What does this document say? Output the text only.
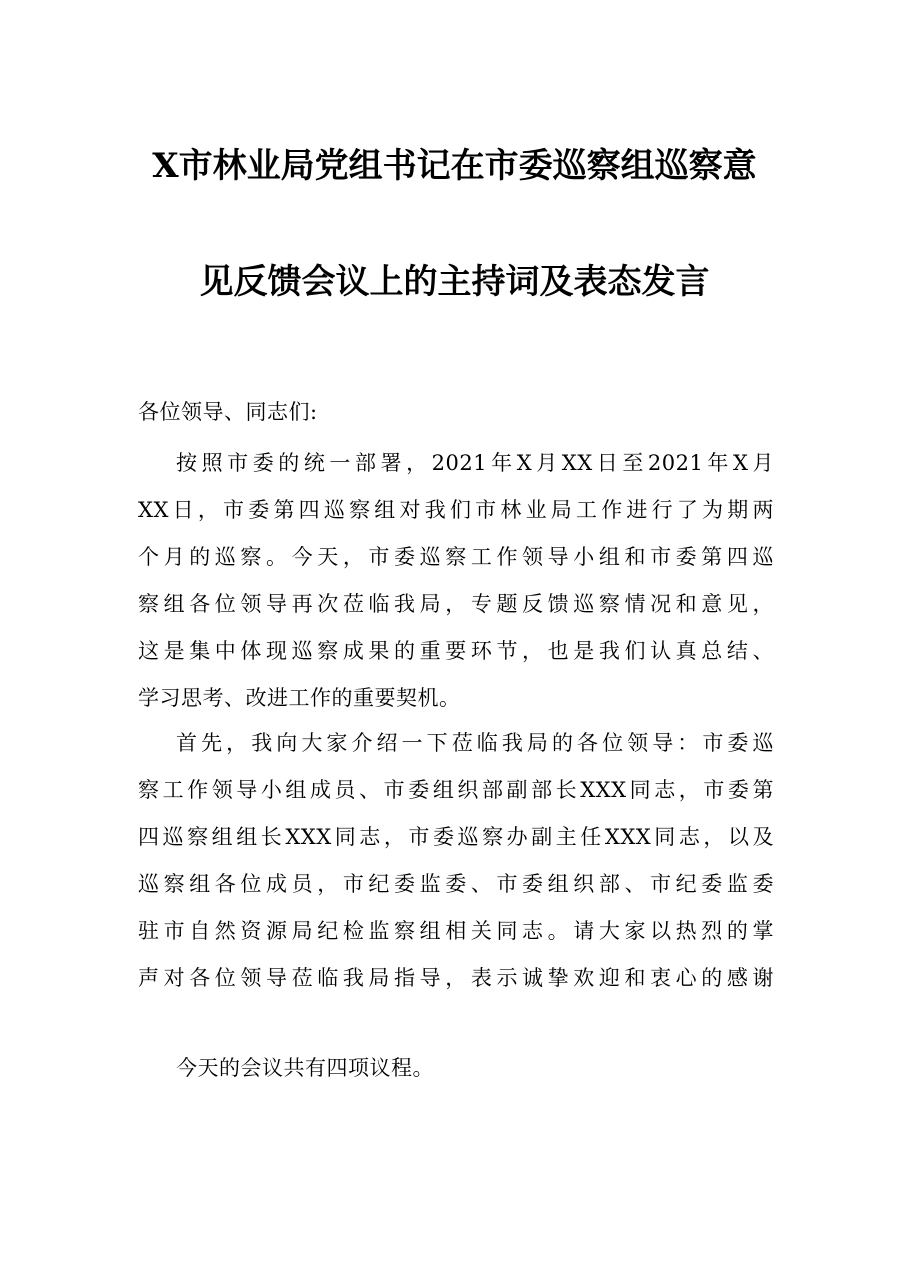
X市林业局党组书记在市委巡察组巡察意
见反馈会议上的主持词及表态发言

各位领导、同志们:

按照市委的统一部署，2021年X月XX日至2021年X月
XX日，市委第四巡察组对我们市林业局工作进行了为期两
个月的巡察。今天，市委巡察工作领导小组和市委第四巡
察组各位领导再次莅临我局，专题反馈巡察情况和意见，
这是集中体现巡察成果的重要环节，也是我们认真总结、
学习思考、改进工作的重要契机。
首先，我向大家介绍一下莅临我局的各位领导：市委巡
察工作领导小组成员、市委组织部副部长XXX同志，市委第
四巡察组组长XXX同志，市委巡察办副主任XXX同志，以及
巡察组各位成员，市纪委监委、市委组织部、市纪委监委
驻市自然资源局纪检监察组相关同志。请大家以热烈的掌
声对各位领导莅临我局指导，表示诚挚欢迎和衷心的感谢

今天的会议共有四项议程。
